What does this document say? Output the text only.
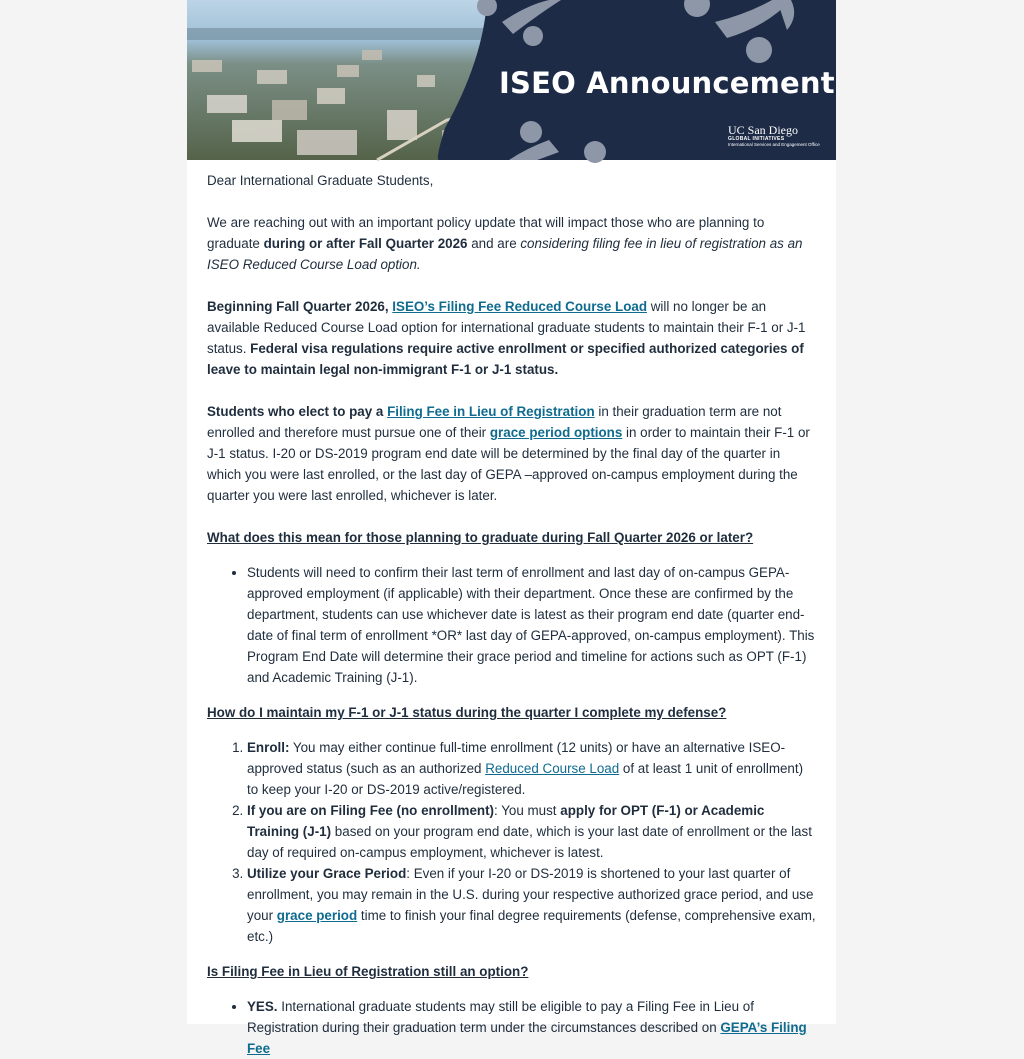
ISEO Announcement
UC San Diego
GLOBAL INITIATIVES
International Services and Engagement Office

Dear International Graduate Students,

We are reaching out with an important policy update that will impact those who are planning to graduate during or after Fall Quarter 2026 and are considering filing fee in lieu of registration as an ISEO Reduced Course Load option.

Beginning Fall Quarter 2026, ISEO’s Filing Fee Reduced Course Load will no longer be an available Reduced Course Load option for international graduate students to maintain their F-1 or J-1 status. Federal visa regulations require active enrollment or specified authorized categories of leave to maintain legal non-immigrant F-1 or J-1 status.

Students who elect to pay a Filing Fee in Lieu of Registration in their graduation term are not enrolled and therefore must pursue one of their grace period options in order to maintain their F-1 or J-1 status. I-20 or DS-2019 program end date will be determined by the final day of the quarter in which you were last enrolled, or the last day of GEPA –approved on-campus employment during the quarter you were last enrolled, whichever is later.

What does this mean for those planning to graduate during Fall Quarter 2026 or later?
• Students will need to confirm their last term of enrollment and last day of on-campus GEPA-approved employment (if applicable) with their department. Once these are confirmed by the department, students can use whichever date is latest as their program end date (quarter end-date of final term of enrollment *OR* last day of GEPA-approved, on-campus employment). This Program End Date will determine their grace period and timeline for actions such as OPT (F-1) and Academic Training (J-1).
How do I maintain my F-1 or J-1 status during the quarter I complete my defense?
1. Enroll: You may either continue full-time enrollment (12 units) or have an alternative ISEO-approved status (such as an authorized Reduced Course Load of at least 1 unit of enrollment) to keep your I-20 or DS-2019 active/registered.
2. If you are on Filing Fee (no enrollment): You must apply for OPT (F-1) or Academic Training (J-1) based on your program end date, which is your last date of enrollment or the last day of required on-campus employment, whichever is latest.
3. Utilize your Grace Period: Even if your I-20 or DS-2019 is shortened to your last quarter of enrollment, you may remain in the U.S. during your respective authorized grace period, and use your grace period time to finish your final degree requirements (defense, comprehensive exam, etc.)
Is Filing Fee in Lieu of Registration still an option?
• YES. International graduate students may still be eligible to pay a Filing Fee in Lieu of Registration during their graduation term under the circumstances described on GEPA’s Filing Fee
